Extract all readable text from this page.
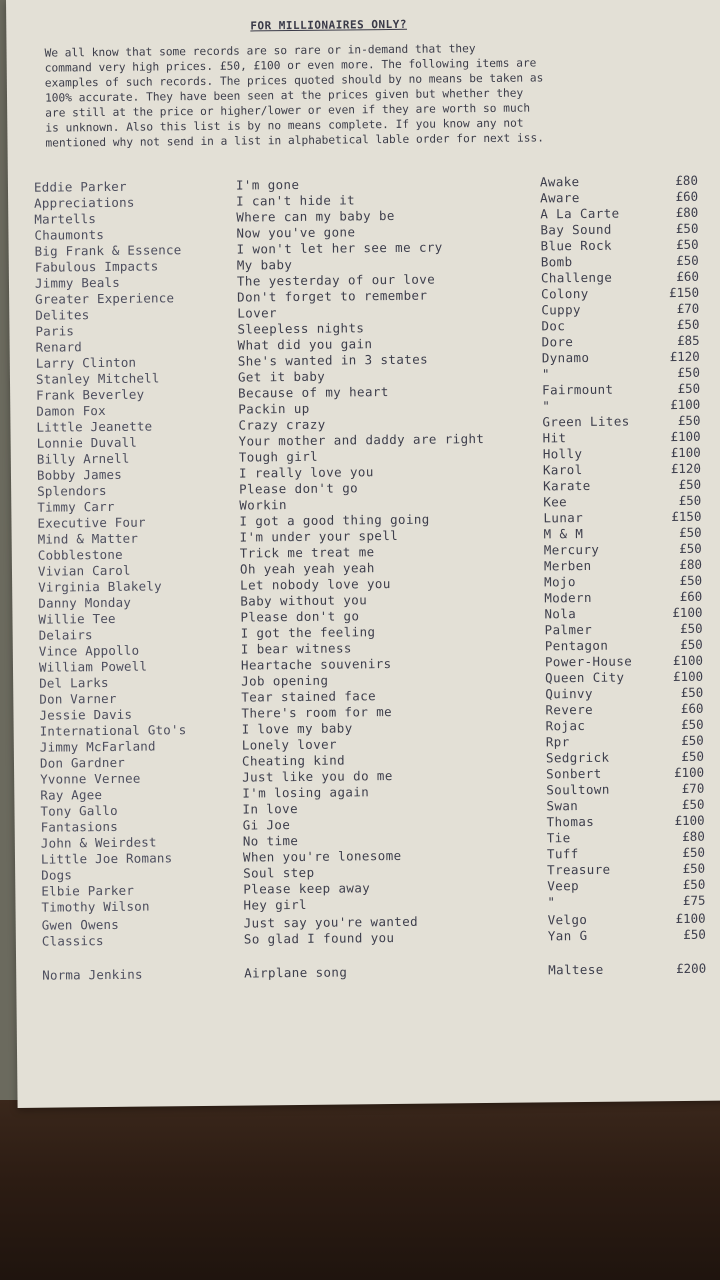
FOR MILLIONAIRES ONLY?
We all know that some records are so rare or in-demand that they
command very high prices. £50, £100 or even more. The following items are
examples of such records. The prices quoted should by no means be taken as
100% accurate. They have been seen at the prices given but whether they
are still at the price or higher/lower or even if they are worth so much
is unknown. Also this list is by no means complete. If you know any not
mentioned why not send in a list in alphabetical lable order for next iss.
Eddie Parker	I'm gone	Awake	£80
Appreciations	I can't hide it	Aware	£60
Martells	Where can my baby be	A La Carte	£80
Chaumonts	Now you've gone	Bay Sound	£50
Big Frank & Essence	I won't let her see me cry	Blue Rock	£50
Fabulous Impacts	My baby	Bomb	£50
Jimmy Beals	The yesterday of our love	Challenge	£60
Greater Experience	Don't forget to remember	Colony	£150
Delites	Lover	Cuppy	£70
Paris	Sleepless nights	Doc	£50
Renard	What did you gain	Dore	£85
Larry Clinton	She's wanted in 3 states	Dynamo	£120
Stanley Mitchell	Get it baby	"	£50
Frank Beverley	Because of my heart	Fairmount	£50
Damon Fox	Packin up	"	£100
Little Jeanette	Crazy crazy	Green Lites	£50
Lonnie Duvall	Your mother and daddy are right	Hit	£100
Billy Arnell	Tough girl	Holly	£100
Bobby James	I really love you	Karol	£120
Splendors	Please don't go	Karate	£50
Timmy Carr	Workin	Kee	£50
Executive Four	I got a good thing going	Lunar	£150
Mind & Matter	I'm under your spell	M & M	£50
Cobblestone	Trick me treat me	Mercury	£50
Vivian Carol	Oh yeah yeah yeah	Merben	£80
Virginia Blakely	Let nobody love you	Mojo	£50
Danny Monday	Baby without you	Modern	£60
Willie Tee	Please don't go	Nola	£100
Delairs	I got the feeling	Palmer	£50
Vince Appollo	I bear witness	Pentagon	£50
William Powell	Heartache souvenirs	Power-House	£100
Del Larks	Job opening	Queen City	£100
Don Varner	Tear stained face	Quinvy	£50
Jessie Davis	There's room for me	Revere	£60
International Gto's	I love my baby	Rojac	£50
Jimmy McFarland	Lonely lover	Rpr	£50
Don Gardner	Cheating kind	Sedgrick	£50
Yvonne Vernee	Just like you do me	Sonbert	£100
Ray Agee	I'm losing again	Soultown	£70
Tony Gallo	In love	Swan	£50
Fantasions	Gi Joe	Thomas	£100
John & Weirdest	No time	Tie	£80
Little Joe Romans	When you're lonesome	Tuff	£50
Dogs	Soul step	Treasure	£50
Elbie Parker	Please keep away	Veep	£50
Timothy Wilson	Hey girl	"	£75
Gwen Owens	Just say you're wanted	Velgo	£100
Classics	So glad I found you	Yan G	£50
Norma Jenkins	Airplane song	Maltese	£200
